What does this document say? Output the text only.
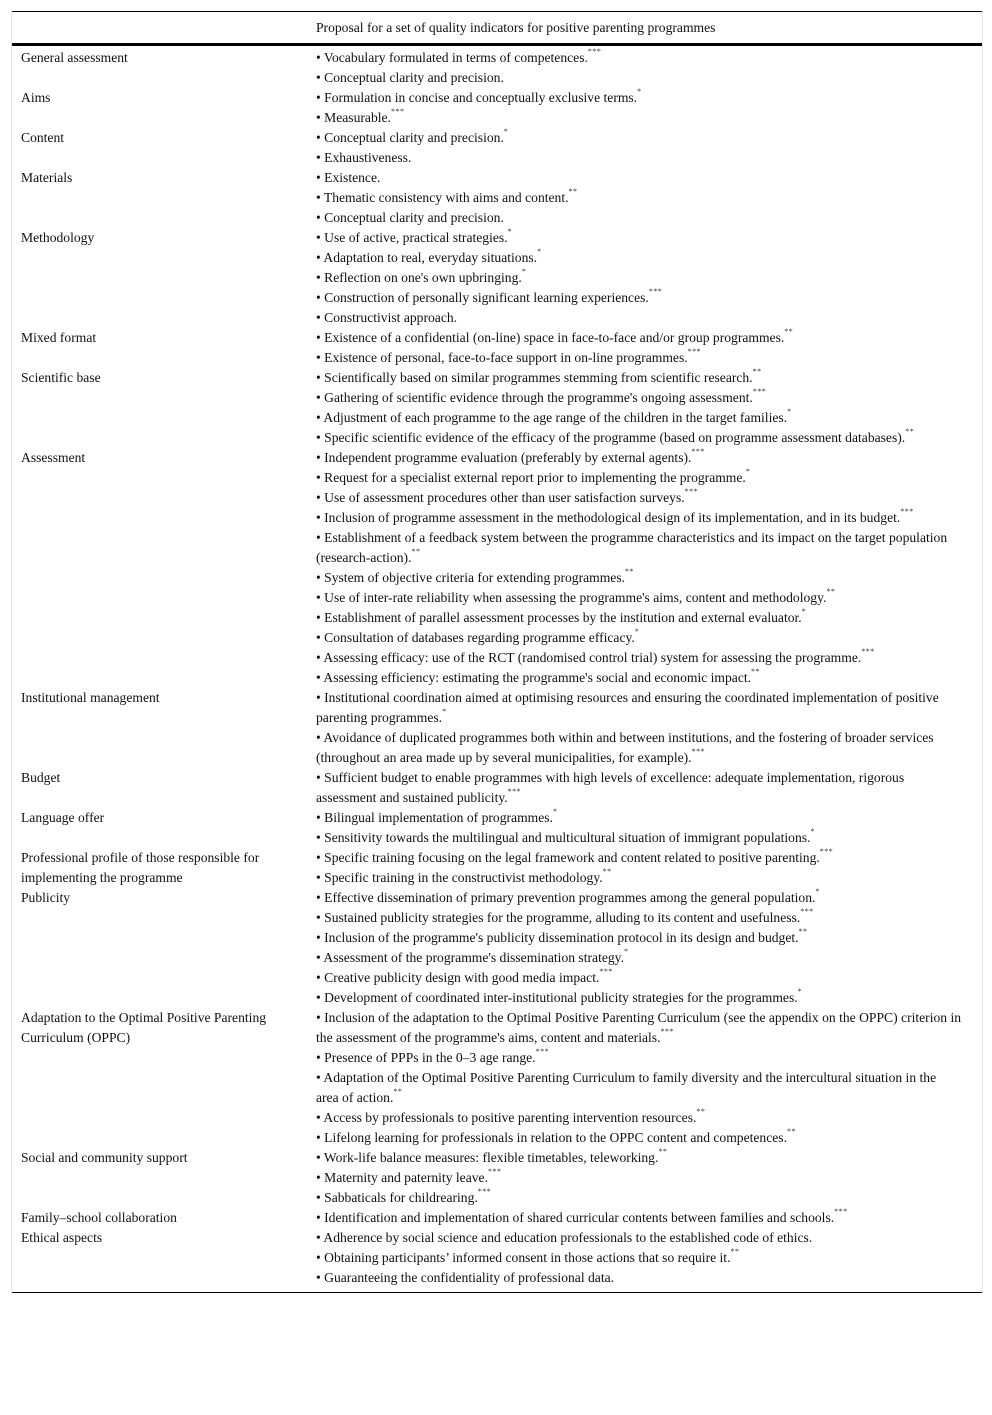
	Proposal for a set of quality indicators for positive parenting programmes
General assessment	• Vocabulary formulated in terms of competences.***
• Conceptual clarity and precision.

Aims	• Formulation in concise and conceptually exclusive terms.*
• Measurable.***

Content	• Conceptual clarity and precision.*
• Exhaustiveness.

Materials	• Existence.
• Thematic consistency with aims and content.**
• Conceptual clarity and precision.

Methodology	• Use of active, practical strategies.*
• Adaptation to real, everyday situations.*
• Reflection on one's own upbringing.*
• Construction of personally significant learning experiences.***
• Constructivist approach.

Mixed format	• Existence of a confidential (on-line) space in face-to-face and/or group programmes.**
• Existence of personal, face-to-face support in on-line programmes.***

Scientific base	• Scientifically based on similar programmes stemming from scientific research.**
• Gathering of scientific evidence through the programme's ongoing assessment.***
• Adjustment of each programme to the age range of the children in the target families.*
• Specific scientific evidence of the efficacy of the programme (based on programme assessment databases).**

Assessment	• Independent programme evaluation (preferably by external agents).***
• Request for a specialist external report prior to implementing the programme.*
• Use of assessment procedures other than user satisfaction surveys.***
• Inclusion of programme assessment in the methodological design of its implementation, and in its budget.***
• Establishment of a feedback system between the programme characteristics and its impact on the target population (research-action).**
• System of objective criteria for extending programmes.**
• Use of inter-rate reliability when assessing the programme's aims, content and methodology.**
• Establishment of parallel assessment processes by the institution and external evaluator.*
• Consultation of databases regarding programme efficacy.*
• Assessing efficacy: use of the RCT (randomised control trial) system for assessing the programme.***
• Assessing efficiency: estimating the programme's social and economic impact.**

Institutional management	• Institutional coordination aimed at optimising resources and ensuring the coordinated implementation of positive parenting programmes.*
• Avoidance of duplicated programmes both within and between institutions, and the fostering of broader services (throughout an area made up by several municipalities, for example).***

Budget	• Sufficient budget to enable programmes with high levels of excellence: adequate implementation, rigorous assessment and sustained publicity.***

Language offer	• Bilingual implementation of programmes.*
• Sensitivity towards the multilingual and multicultural situation of immigrant populations.*

Professional profile of those responsible for implementing the programme	• Specific training focusing on the legal framework and content related to positive parenting.***
• Specific training in the constructivist methodology.**

Publicity	• Effective dissemination of primary prevention programmes among the general population.*
• Sustained publicity strategies for the programme, alluding to its content and usefulness.***
• Inclusion of the programme's publicity dissemination protocol in its design and budget.**
• Assessment of the programme's dissemination strategy.*
• Creative publicity design with good media impact.***
• Development of coordinated inter-institutional publicity strategies for the programmes.*

Adaptation to the Optimal Positive Parenting Curriculum (OPPC)	• Inclusion of the adaptation to the Optimal Positive Parenting Curriculum (see the appendix on the OPPC) criterion in the assessment of the programme's aims, content and materials.***
• Presence of PPPs in the 0–3 age range.***
• Adaptation of the Optimal Positive Parenting Curriculum to family diversity and the intercultural situation in the area of action.**
• Access by professionals to positive parenting intervention resources.**
• Lifelong learning for professionals in relation to the OPPC content and competences.**

Social and community support	• Work-life balance measures: flexible timetables, teleworking.**
• Maternity and paternity leave.***
• Sabbaticals for childrearing.***

Family–school collaboration	• Identification and implementation of shared curricular contents between families and schools.***

Ethical aspects	• Adherence by social science and education professionals to the established code of ethics.
• Obtaining participants’ informed consent in those actions that so require it.**
• Guaranteeing the confidentiality of professional data.
